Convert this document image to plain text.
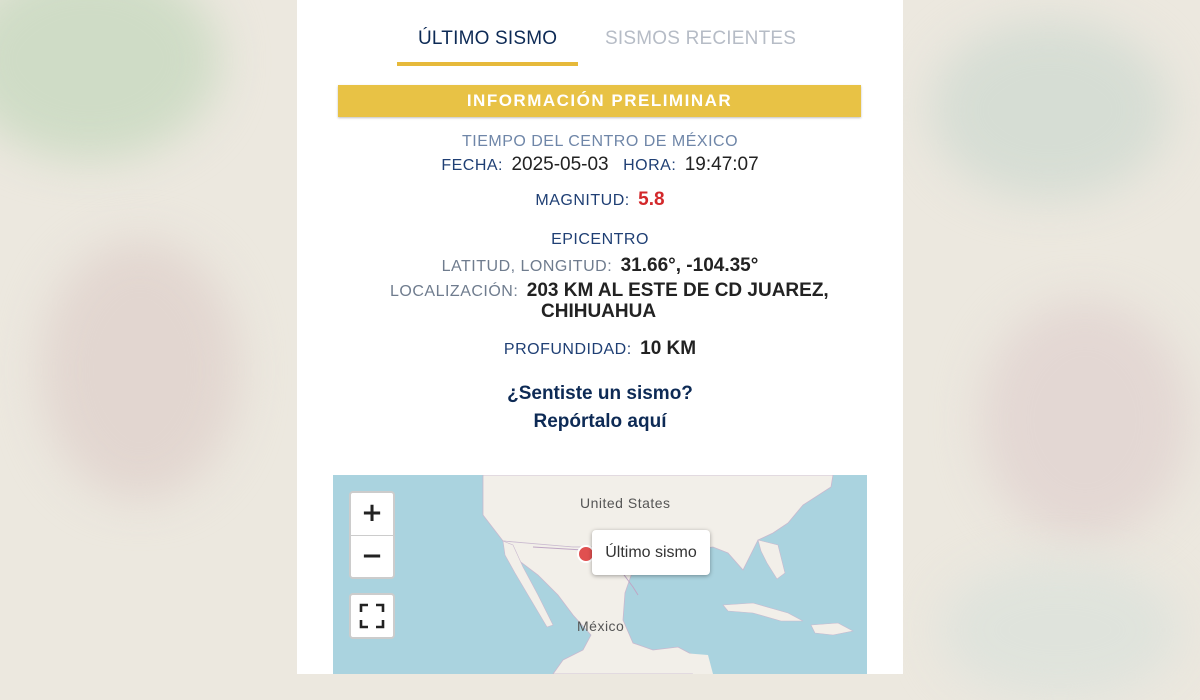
ÚLTIMO SISMO	SISMOS RECIENTES
INFORMACIÓN PRELIMINAR
TIEMPO DEL CENTRO DE MÉXICO
FECHA: 2025-05-03 HORA: 19:47:07
MAGNITUD: 5.8
EPICENTRO
LATITUD, LONGITUD: 31.66°, -104.35°
LOCALIZACIÓN: 203 KM AL ESTE DE CD JUAREZ,
CHIHUAHUA
PROFUNDIDAD: 10 KM
¿Sentiste un sismo?
Repórtalo aquí
United States
México
+
−	Último sismo
